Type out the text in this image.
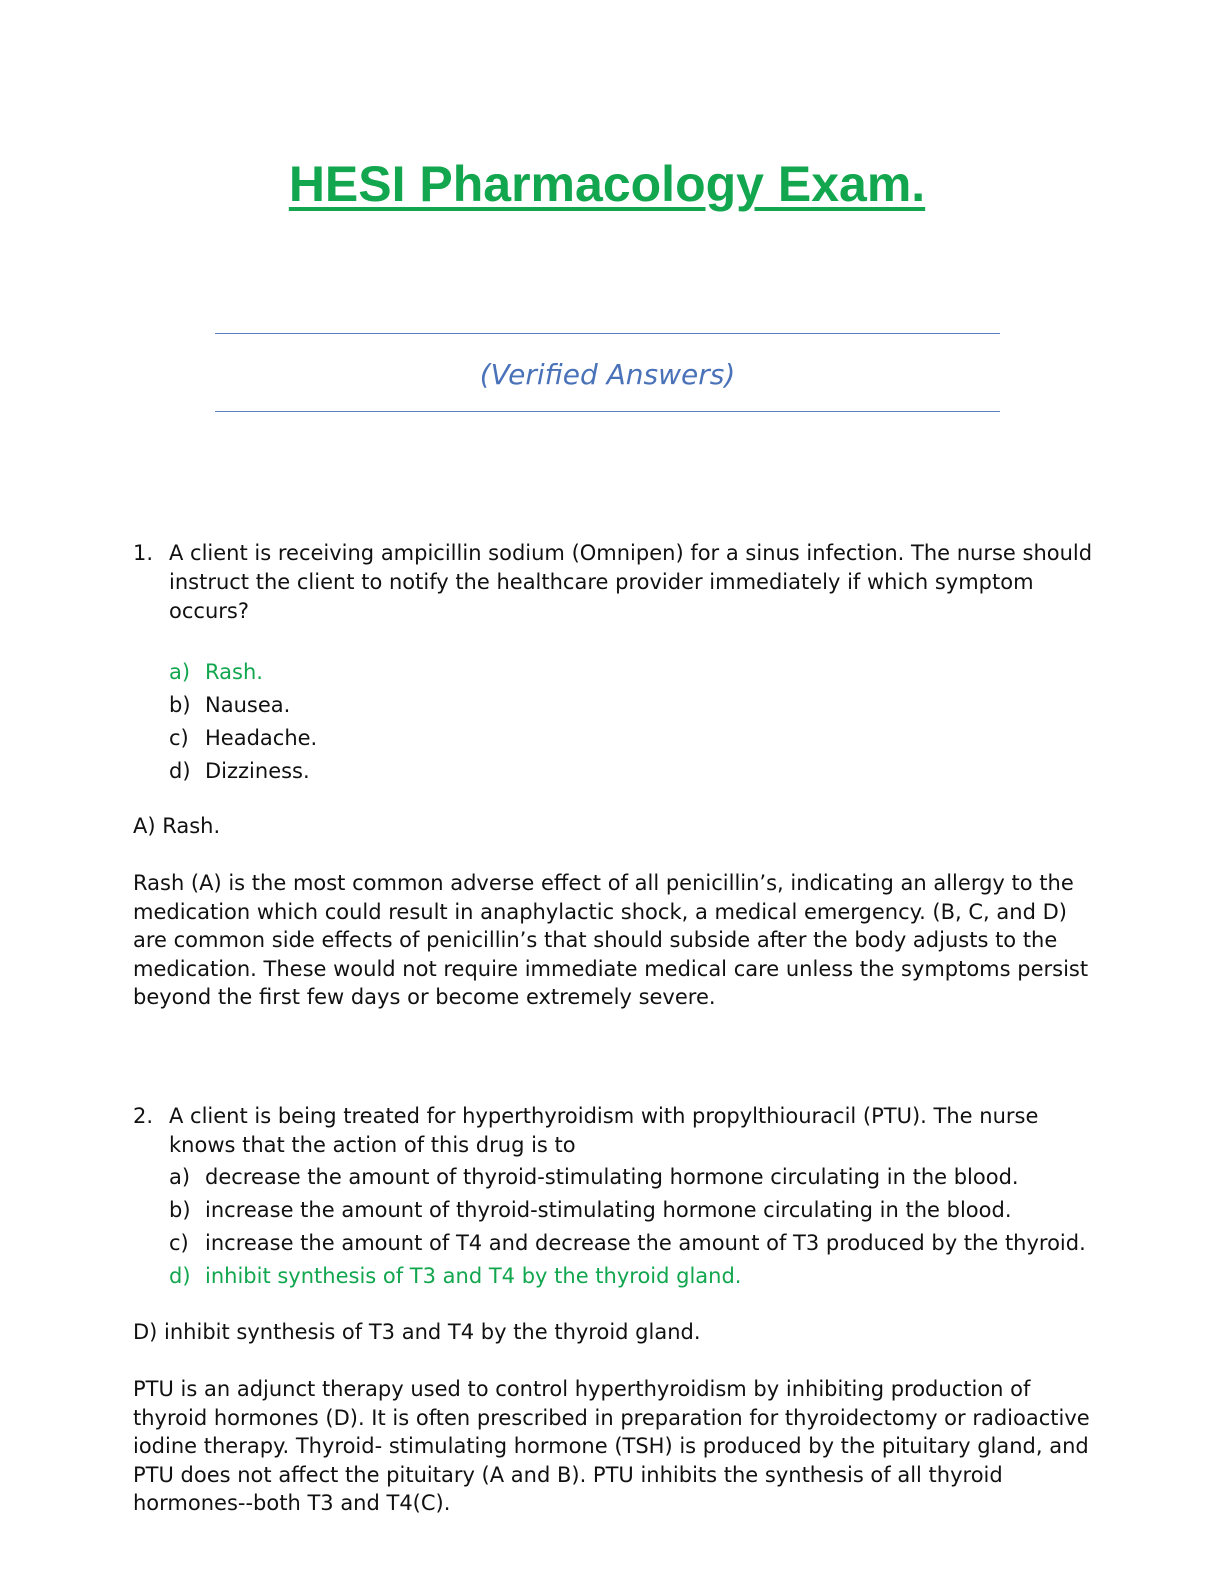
HESI Pharmacology Exam.
(Verified Answers)
1. A client is receiving ampicillin sodium (Omnipen) for a sinus infection. The nurse should instruct the client to notify the healthcare provider immediately if which symptom occurs?
a) Rash.
b) Nausea.
c) Headache.
d) Dizziness.

A) Rash.

Rash (A) is the most common adverse effect of all penicillin’s, indicating an allergy to the medication which could result in anaphylactic shock, a medical emergency. (B, C, and D) are common side effects of penicillin’s that should subside after the body adjusts to the medication. These would not require immediate medical care unless the symptoms persist beyond the first few days or become extremely severe.

2. A client is being treated for hyperthyroidism with propylthiouracil (PTU). The nurse knows that the action of this drug is to
a) decrease the amount of thyroid-stimulating hormone circulating in the blood.
b) increase the amount of thyroid-stimulating hormone circulating in the blood.
c) increase the amount of T4 and decrease the amount of T3 produced by the thyroid.
d) inhibit synthesis of T3 and T4 by the thyroid gland.

D) inhibit synthesis of T3 and T4 by the thyroid gland.

PTU is an adjunct therapy used to control hyperthyroidism by inhibiting production of thyroid hormones (D). It is often prescribed in preparation for thyroidectomy or radioactive iodine therapy. Thyroid- stimulating hormone (TSH) is produced by the pituitary gland, and PTU does not affect the pituitary (A and B). PTU inhibits the synthesis of all thyroid hormones--both T3 and T4(C).
